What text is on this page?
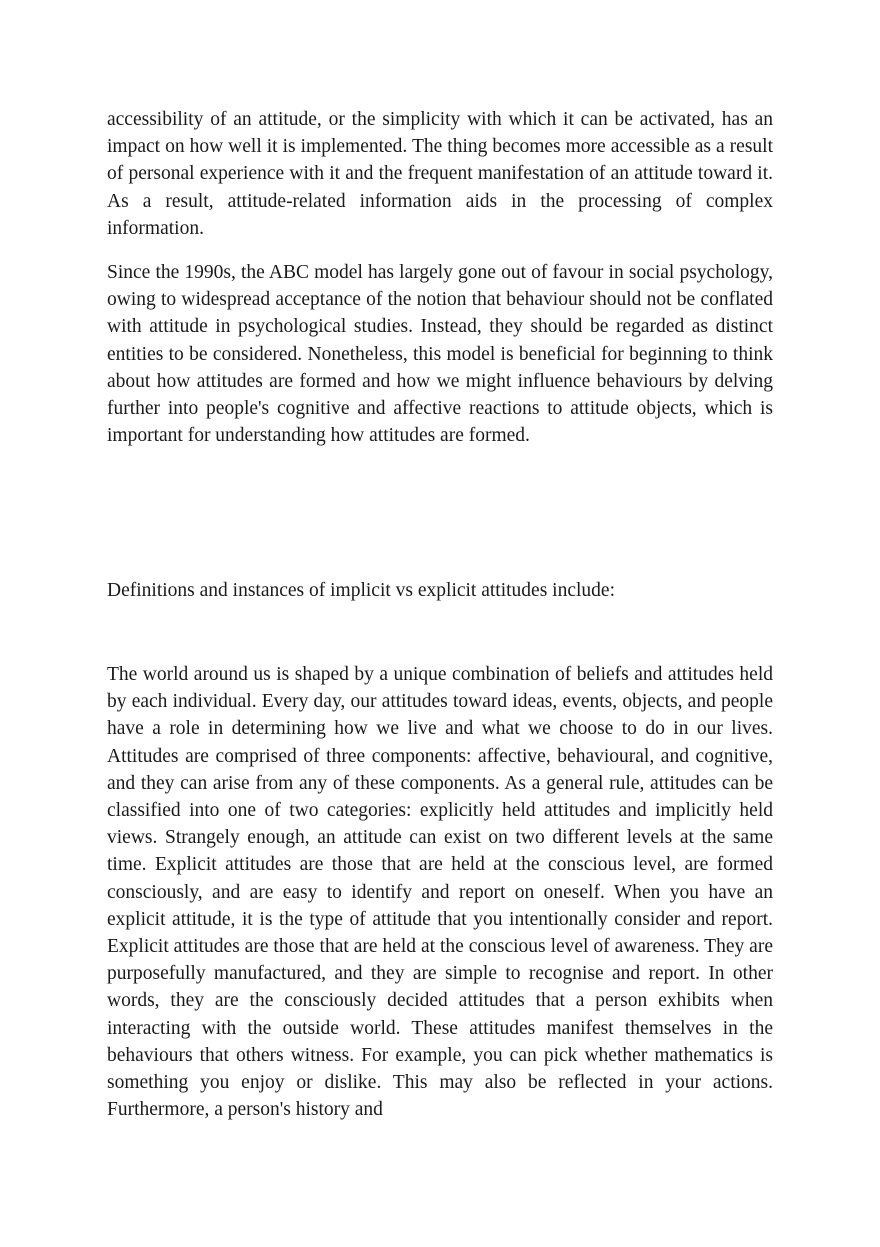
accessibility of an attitude, or the simplicity with which it can be activated, has an impact on how well it is implemented. The thing becomes more accessible as a result of personal experience with it and the frequent manifestation of an attitude toward it. As a result, attitude-related information aids in the processing of complex information.

Since the 1990s, the ABC model has largely gone out of favour in social psychology, owing to widespread acceptance of the notion that behaviour should not be conflated with attitude in psychological studies. Instead, they should be regarded as distinct entities to be considered. Nonetheless, this model is beneficial for beginning to think about how attitudes are formed and how we might influence behaviours by delving further into people's cognitive and affective reactions to attitude objects, which is important for understanding how attitudes are formed.

Definitions and instances of implicit vs explicit attitudes include:

The world around us is shaped by a unique combination of beliefs and attitudes held by each individual. Every day, our attitudes toward ideas, events, objects, and people have a role in determining how we live and what we choose to do in our lives. Attitudes are comprised of three components: affective, behavioural, and cognitive, and they can arise from any of these components. As a general rule, attitudes can be classified into one of two categories: explicitly held attitudes and implicitly held views. Strangely enough, an attitude can exist on two different levels at the same time. Explicit attitudes are those that are held at the conscious level, are formed consciously, and are easy to identify and report on oneself. When you have an explicit attitude, it is the type of attitude that you intentionally consider and report. Explicit attitudes are those that are held at the conscious level of awareness. They are purposefully manufactured, and they are simple to recognise and report. In other words, they are the consciously decided attitudes that a person exhibits when interacting with the outside world. These attitudes manifest themselves in the behaviours that others witness. For example, you can pick whether mathematics is something you enjoy or dislike. This may also be reflected in your actions. Furthermore, a person's history and
